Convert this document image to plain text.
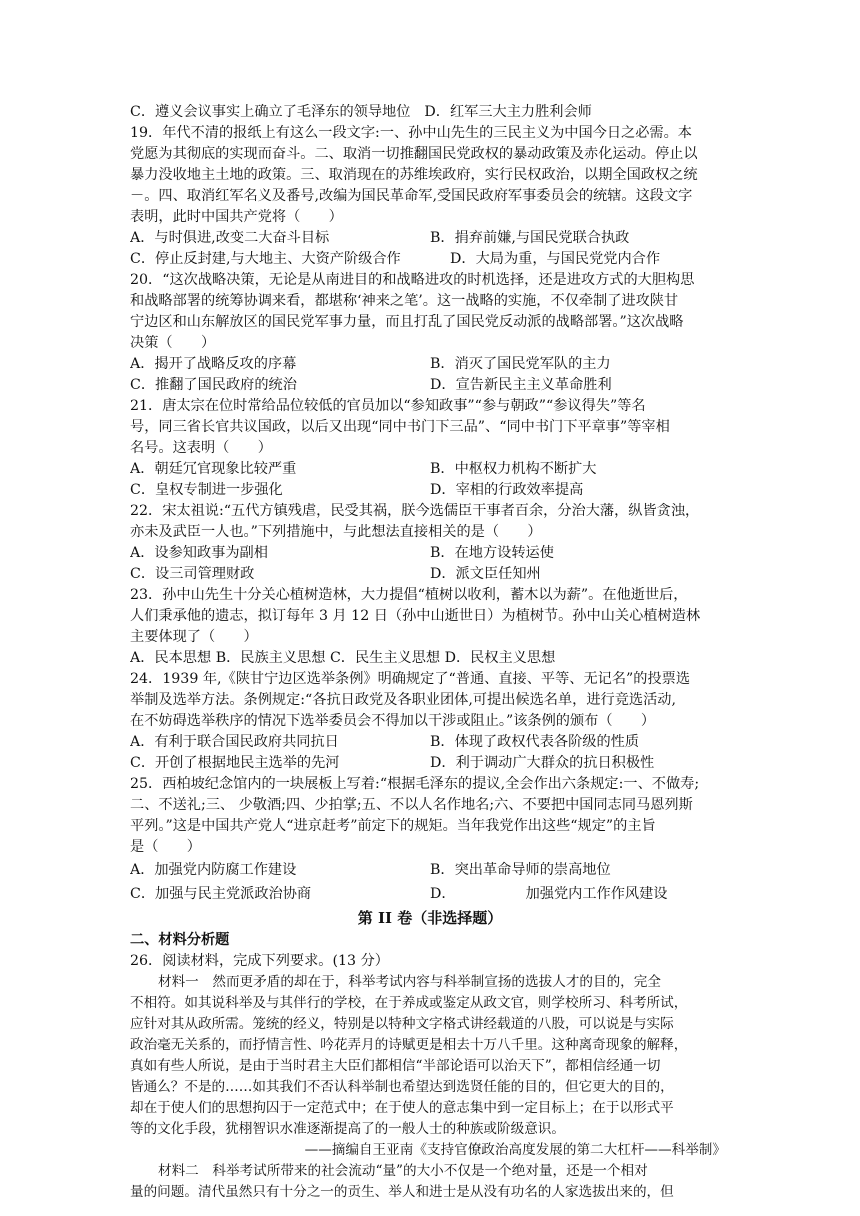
C．遵义会议事实上确立了毛泽东的领导地位 D．红军三大主力胜利会师
19．年代不清的报纸上有这么一段文字:一、孙中山先生的三民主义为中国今日之必需。本
党愿为其彻底的实现而奋斗。二、取消一切推翻国民党政权的暴动政策及赤化运动。停止以
暴力没收地主土地的政策。三、取消现在的苏维埃政府，实行民权政治，以期全国政权之统
－。四、取消红军名义及番号,改编为国民革命军,受国民政府军事委员会的统辖。这段文字
表明，此时中国共产党将（　　）
A．与时俱进,改变二大奋斗目标	B．捐弃前嫌,与国民党联合执政
C．停止反封建,与大地主、大资产阶级合作	D．大局为重，与国民党党内合作
20．“这次战略决策，无论是从南进目的和战略进攻的时机选择，还是进攻方式的大胆构思
和战略部署的统筹协调来看，都堪称‘神来之笔’。这一战略的实施，不仅牵制了进攻陕甘
宁边区和山东解放区的国民党军事力量，而且打乱了国民党反动派的战略部署。”这次战略
决策（　　）
A．揭开了战略反攻的序幕	B．消灭了国民党军队的主力
C．推翻了国民政府的统治	D．宣告新民主主义革命胜利
21．唐太宗在位时常给品位较低的官员加以“参知政事”“参与朝政”“参议得失”等名
号，同三省长官共议国政，以后又出现“同中书门下三品”、“同中书门下平章事”等宰相
名号。这表明（　　）
A．朝廷冗官现象比较严重	B．中枢权力机构不断扩大
C．皇权专制进一步强化	D．宰相的行政效率提高
22．宋太祖说:“五代方镇残虐，民受其祸，朕今选儒臣干事者百余，分治大藩，纵皆贪浊，
亦未及武臣一人也。”下列措施中，与此想法直接相关的是（　　）
A．设参知政事为副相	B．在地方设转运使
C．设三司管理财政	D．派文臣任知州
23．孙中山先生十分关心植树造林，大力提倡“植树以收利，蓄木以为薪”。在他逝世后，
人们秉承他的遗志，拟订每年 3 月 12 日（孙中山逝世日）为植树节。孙中山关心植树造林
主要体现了（　　）
A．民本思想 B．民族主义思想 C．民生主义思想 D．民权主义思想
24．1939 年,《陕甘宁边区选举条例》明确规定了“普通、直接、平等、无记名”的投票选
举制及选举方法。条例规定:“各抗日政党及各职业团体,可提出候选名单，进行竞选活动,
在不妨碍选举秩序的情况下选举委员会不得加以干涉或阻止。”该条例的颁布（　　）
A．有利于联合国民政府共同抗日	B．体现了政权代表各阶级的性质
C．开创了根据地民主选举的先河	D．利于调动广大群众的抗日积极性
25．西柏坡纪念馆内的一块展板上写着:“根据毛泽东的提议,全会作出六条规定:一、不做寿;
二、不送礼;三、 少敬酒;四、少拍掌;五、不以人名作地名;六、不要把中国同志同马恩列斯
平列。”这是中国共产党人“进京赶考”前定下的规矩。当年我党作出这些“规定”的主旨
是（　　）
A．加强党内防腐工作建设	B．突出革命导师的崇高地位
C．加强与民主党派政治协商	D．	加强党内工作作风建设
第 II 卷（非选择题）
二、材料分析题
26．阅读材料，完成下列要求。(13 分）
材料一　然而更矛盾的却在于，科举考试内容与科举制宣扬的选拔人才的目的，完全
不相符。如其说科举及与其伴行的学校，在于养成或鉴定从政文官，则学校所习、科考所试，
应针对其从政所需。笼统的经义，特别是以特种文字格式讲经载道的八股，可以说是与实际
政治毫无关系的，而抒情言性、吟花弄月的诗赋更是相去十万八千里。这种离奇现象的解释，
真如有些人所说，是由于当时君主大臣们都相信“半部论语可以治天下”，都相信经通一切
皆通么？不是的……如其我们不否认科举制也希望达到选贤任能的目的，但它更大的目的，
却在于使人们的思想拘囚于一定范式中；在于使人的意志集中到一定目标上；在于以形式平
等的文化手段，犹栩智识水准逐渐提高了的一般人士的种族或阶级意识。
——摘编自王亚南《支持官僚政治高度发展的第二大杠杆——科举制》
材料二　科举考试所带来的社会流动“量”的大小不仅是一个绝对量，还是一个相对
量的问题。清代虽然只有十分之一的贡生、举人和进士是从没有功名的人家选拔出来的，但
